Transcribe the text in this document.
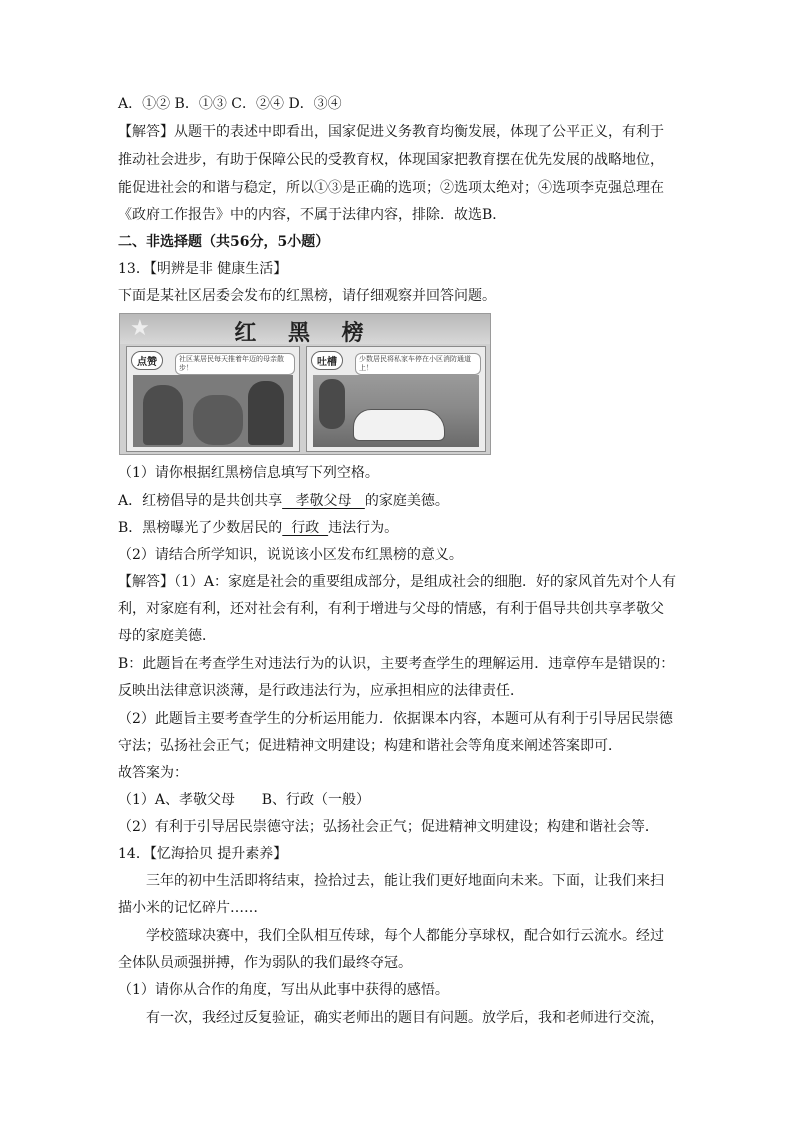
A．①② B．①③ C．②④ D．③④
【解答】从题干的表述中即看出，国家促进义务教育均衡发展，体现了公平正义，有利于
推动社会进步，有助于保障公民的受教育权，体现国家把教育摆在优先发展的战略地位，
能促进社会的和谐与稳定，所以①③是正确的选项；②选项太绝对；④选项李克强总理在
《政府工作报告》中的内容，不属于法律内容，排除．故选B．
二、非选择题（共56分，5小题）
13．【明辨是非 健康生活】
下面是某社区居委会发布的红黑榜，请仔细观察并回答问题。
★	红 黑 榜
点赞	社区某居民每天推着年迈的母亲散步！	吐槽	少数居民将私家车停在小区消防通道上！
（1）请你根据红黑榜信息填写下列空格。
A．红榜倡导的是共创共享   孝敬父母   的家庭美德。
B．黑榜曝光了少数居民的  行政  违法行为。
（2）请结合所学知识，说说该小区发布红黑榜的意义。
【解答】（1）A：家庭是社会的重要组成部分，是组成社会的细胞．好的家风首先对个人有
利，对家庭有利，还对社会有利，有利于增进与父母的情感，有利于倡导共创共享孝敬父
母的家庭美德．
B：此题旨在考查学生对违法行为的认识，主要考查学生的理解运用．违章停车是错误的：
反映出法律意识淡薄，是行政违法行为，应承担相应的法律责任．
（2）此题旨主要考查学生的分析运用能力．依据课本内容，本题可从有利于引导居民崇德
守法；弘扬社会正气；促进精神文明建设；构建和谐社会等角度来阐述答案即可．
故答案为：
（1）A、孝敬父母      B、行政（一般）
（2）有利于引导居民崇德守法；弘扬社会正气；促进精神文明建设；构建和谐社会等．
14．【忆海拾贝 提升素养】
三年的初中生活即将结束，捡拾过去，能让我们更好地面向未来。下面，让我们来扫
描小米的记忆碎片……
学校篮球决赛中，我们全队相互传球，每个人都能分享球权，配合如行云流水。经过
全体队员顽强拼搏，作为弱队的我们最终夺冠。
（1）请你从合作的角度，写出从此事中获得的感悟。
有一次，我经过反复验证，确实老师出的题目有问题。放学后，我和老师进行交流，
